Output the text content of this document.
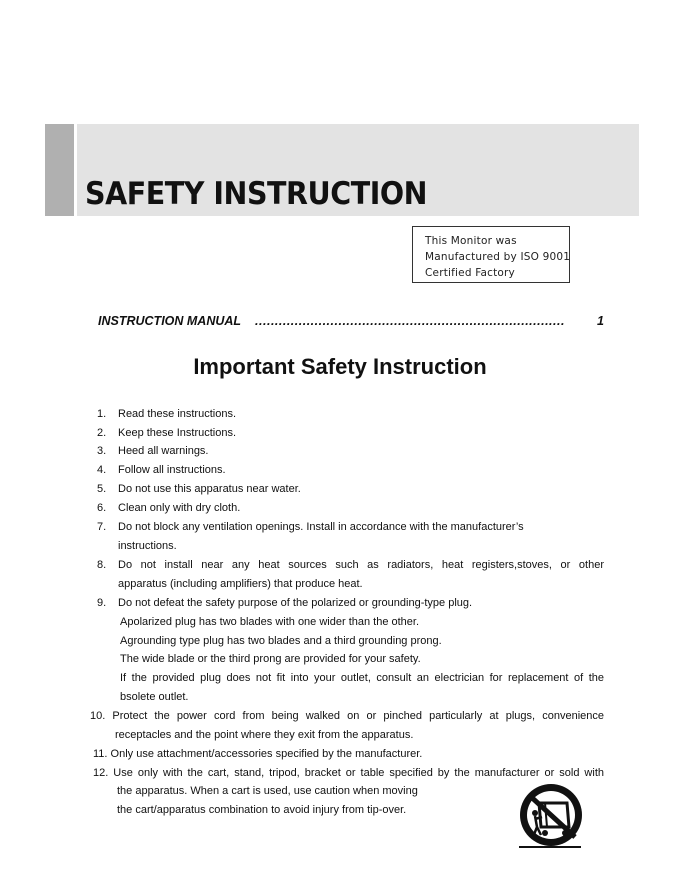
SAFETY INSTRUCTION
This Monitor was
Manufactured by ISO 9001
Certified Factory
INSTRUCTION MANUAL ..............................................................................	1
Important Safety Instruction
1. Read these instructions.
2. Keep these Instructions.
3. Heed all warnings.
4. Follow all instructions.
5. Do not use this apparatus near water.
6. Clean only with dry cloth.
7. Do not block any ventilation openings. Install in accordance with the manufacturer’s
instructions.
8. Do not install near any heat sources such as radiators, heat registers,stoves, or other
apparatus (including amplifiers) that produce heat.
9. Do not defeat the safety purpose of the polarized or grounding-type plug.
Apolarized plug has two blades with one wider than the other.
Agrounding type plug has two blades and a third grounding prong.
The wide blade or the third prong are provided for your safety.
If the provided plug does not fit into your outlet, consult an electrician for replacement of the
bsolete outlet.
10. Protect the power cord from being walked on or pinched particularly at plugs, convenience
receptacles and the point where they exit from the apparatus.
11. Only use attachment/accessories specified by the manufacturer.
12. Use only with the cart, stand, tripod, bracket or table specified by the manufacturer or sold with
the apparatus. When a cart is used, use caution when moving
the cart/apparatus combination to avoid injury from tip-over.
